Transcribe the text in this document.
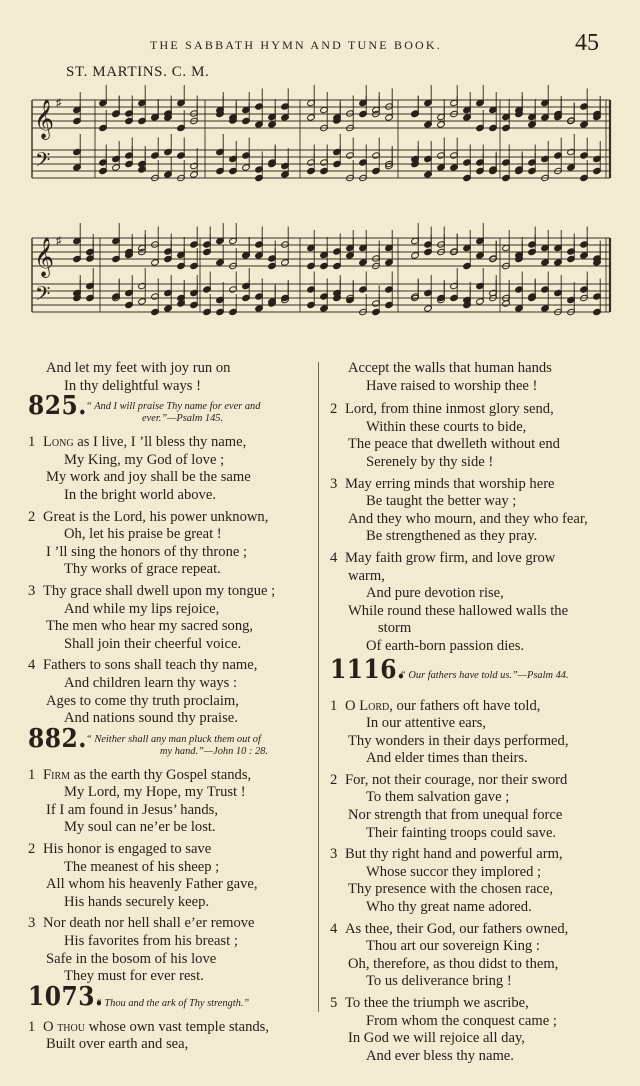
THE SABBATH HYMN AND TUNE BOOK.	45
ST. MARTINS. C. M.
𝄞
𝄢
♯
𝄞
𝄢
♯
And let my feet with joy run on
In thy delightful ways !
825. “ And I will praise Thy name for ever and
ever.”—Psalm 145.
1 Long as I live, I ’ll bless thy name,
My King, my God of love ;
My work and joy shall be the same
In the bright world above.
2 Great is the Lord, his power unknown,
Oh, let his praise be great !
I ’ll sing the honors of thy throne ;
Thy works of grace repeat.
3 Thy grace shall dwell upon my tongue ;
And while my lips rejoice,
The men who hear my sacred song,
Shall join their cheerful voice.
4 Fathers to sons shall teach thy name,
And children learn thy ways :
Ages to come thy truth proclaim,
And nations sound thy praise.
882. “ Neither shall any man pluck them out of
my hand.”—John 10 : 28.
1 Firm as the earth thy Gospel stands,
My Lord, my Hope, my Trust !
If I am found in Jesus’ hands,
My soul can ne’er be lost.
2 His honor is engaged to save
The meanest of his sheep ;
All whom his heavenly Father gave,
His hands securely keep.
3 Nor death nor hell shall e’er remove
His favorites from his breast ;
Safe in the bosom of his love
They must for ever rest.
1073.
“ Thou and the ark of Thy strength.”
1 O thou whose own vast temple stands,
Built over earth and sea,
Accept the walls that human hands
Have raised to worship thee !
2 Lord, from thine inmost glory send,
Within these courts to bide,
The peace that dwelleth without end
Serenely by thy side !
3 May erring minds that worship here
Be taught the better way ;
And they who mourn, and they who fear,
Be strengthened as they pray.
4 May faith grow firm, and love grow
warm,
And pure devotion rise,
While round these hallowed walls the
storm
Of earth-born passion dies.
1116.
“ Our fathers have told us.”—Psalm 44.
1 O Lord, our fathers oft have told,
In our attentive ears,
Thy wonders in their days performed,
And elder times than theirs.
2 For, not their courage, nor their sword
To them salvation gave ;
Nor strength that from unequal force
Their fainting troops could save.
3 But thy right hand and powerful arm,
Whose succor they implored ;
Thy presence with the chosen race,
Who thy great name adored.
4 As thee, their God, our fathers owned,
Thou art our sovereign King :
Oh, therefore, as thou didst to them,
To us deliverance bring !
5 To thee the triumph we ascribe,
From whom the conquest came ;
In God we will rejoice all day,
And ever bless thy name.
